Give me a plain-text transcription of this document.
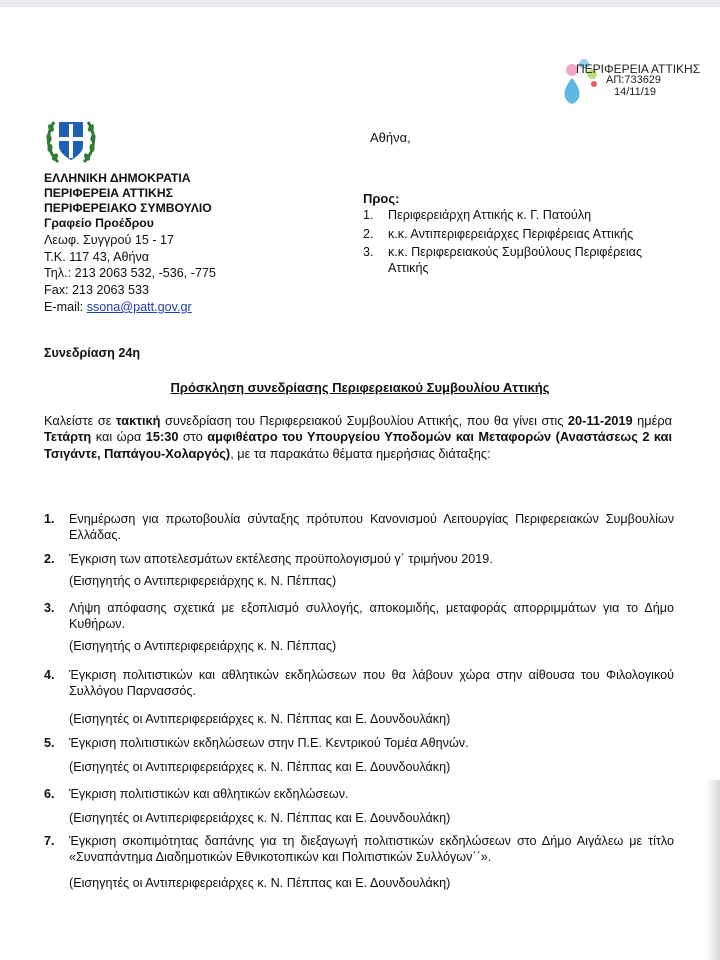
ΠΕΡΙΦΕΡΕΙΑ ΑΤΤΙΚΗΣ
ΑΠ:733629
14/11/19
ΕΛΛΗΝΙΚΗ ΔΗΜΟΚΡΑΤΙΑ
ΠΕΡΙΦΕΡΕΙΑ ΑΤΤΙΚΗΣ
ΠΕΡΙΦΕΡΕΙΑΚΟ ΣΥΜΒΟΥΛΙΟ
Γραφείο Προέδρου
Λεωφ. Συγγρού 15 - 17
Τ.Κ. 117 43, Αθήνα
Τηλ.: 213 2063 532, -536, -775
Fax: 213 2063 533
E-mail: ssona@patt.gov.gr
Αθήνα,
Προς:
1. Περιφερειάρχη Αττικής κ. Γ. Πατούλη
2. κ.κ. Αντιπεριφερειάρχες Περιφέρειας Αττικής
3. κ.κ. Περιφερειακούς Συμβούλους Περιφέρειας Αττικής
Συνεδρίαση 24η
Πρόσκληση συνεδρίασης Περιφερειακού Συμβουλίου Αττικής
Καλείστε σε τακτική συνεδρίαση του Περιφερειακού Συμβουλίου Αττικής, που θα γίνει στις 20-11-2019 ημέρα Τετάρτη και ώρα 15:30 στο αμφιθέατρο του Υπουργείου Υποδομών και Μεταφορών (Αναστάσεως 2 και Τσιγάντε, Παπάγου-Χολαργός), με τα παρακάτω θέματα ημερήσιας διάταξης:
1. Ενημέρωση για πρωτοβουλία σύνταξης πρότυπου Κανονισμού Λειτουργίας Περιφερειακών Συμβουλίων Ελλάδας.
2. Έγκριση των αποτελεσμάτων εκτέλεσης προϋπολογισμού γ΄ τριμήνου 2019.
(Εισηγητής ο Αντιπεριφερειάρχης κ. Ν. Πέππας)
3. Λήψη απόφασης σχετικά με εξοπλισμό συλλογής, αποκομιδής, μεταφοράς απορριμμάτων για το Δήμο Κυθήρων.
(Εισηγητής ο Αντιπεριφερειάρχης κ. Ν. Πέππας)
4. Έγκριση πολιτιστικών και αθλητικών εκδηλώσεων που θα λάβουν χώρα στην αίθουσα του Φιλολογικού Συλλόγου Παρνασσός.
(Εισηγητές οι Αντιπεριφερειάρχες κ. Ν. Πέππας και Ε. Δουνδουλάκη)
5. Έγκριση πολιτιστικών εκδηλώσεων στην Π.Ε. Κεντρικού Τομέα Αθηνών.
(Εισηγητές οι Αντιπεριφερειάρχες κ. Ν. Πέππας και Ε. Δουνδουλάκη)
6. Έγκριση πολιτιστικών και αθλητικών εκδηλώσεων.
(Εισηγητές οι Αντιπεριφερειάρχες κ. Ν. Πέππας και Ε. Δουνδουλάκη)
7. Έγκριση σκοπιμότητας δαπάνης για τη διεξαγωγή πολιτιστικών εκδηλώσεων στο Δήμο Αιγάλεω με τίτλο «Συναπάντημα Διαδημοτικών Εθνικοτοπικών και Πολιτιστικών Συλλόγων΄΄».
(Εισηγητές οι Αντιπεριφερειάρχες κ. Ν. Πέππας και Ε. Δουνδουλάκη)
